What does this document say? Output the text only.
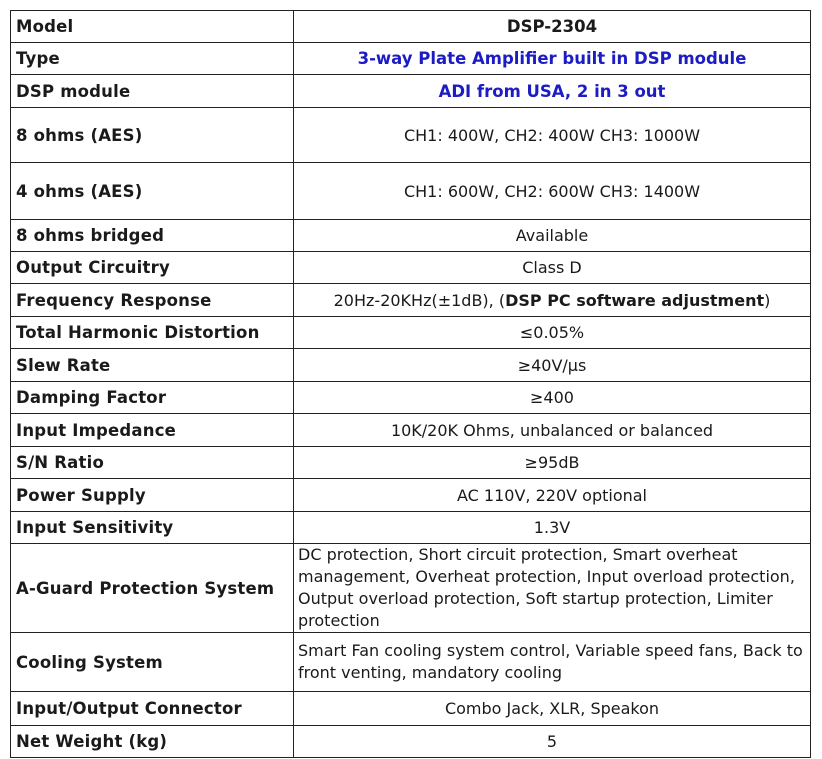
Model	DSP-2304
Type	3-way Plate Amplifier built in DSP module
DSP module	ADI from USA, 2 in 3 out
8 ohms (AES)	CH1: 400W, CH2: 400W CH3: 1000W
4 ohms (AES)	CH1: 600W, CH2: 600W CH3: 1400W
8 ohms bridged	Available
Output Circuitry	Class D
Frequency Response	20Hz-20KHz(±1dB), (DSP PC software adjustment)
Total Harmonic Distortion	≤0.05%
Slew Rate	≥40V/μs
Damping Factor	≥400
Input Impedance	10K/20K Ohms, unbalanced or balanced
S/N Ratio	≥95dB
Power Supply	AC 110V, 220V optional
Input Sensitivity	1.3V
A-Guard Protection System	DC protection, Short circuit protection, Smart overheat management, Overheat protection, Input overload protection, Output overload protection, Soft startup protection, Limiter protection
Cooling System	Smart Fan cooling system control, Variable speed fans, Back to front venting, mandatory cooling
Input/Output Connector	Combo Jack, XLR, Speakon
Net Weight (kg)	5
